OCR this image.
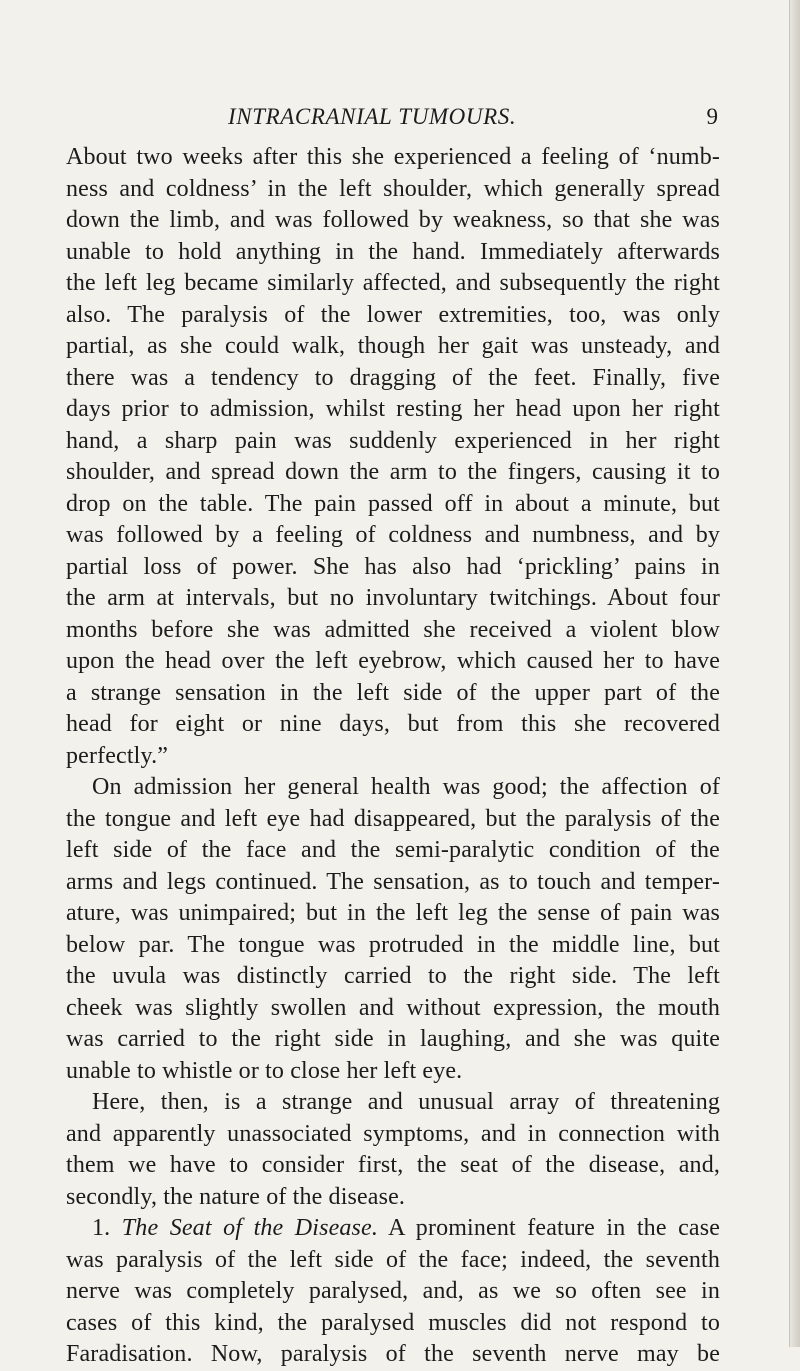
INTRACRANIAL TUMOURS.	9
About two weeks after this she experienced a feeling of ‘numb-
ness and coldness’ in the left shoulder, which generally spread
down the limb, and was followed by weakness, so that she was
unable to hold anything in the hand. Immediately afterwards
the left leg became similarly affected, and subsequently the right
also. The paralysis of the lower extremities, too, was only
partial, as she could walk, though her gait was unsteady, and
there was a tendency to dragging of the feet. Finally, five
days prior to admission, whilst resting her head upon her right
hand, a sharp pain was suddenly experienced in her right
shoulder, and spread down the arm to the fingers, causing it to
drop on the table. The pain passed off in about a minute, but
was followed by a feeling of coldness and numbness, and by
partial loss of power. She has also had ‘prickling’ pains in
the arm at intervals, but no involuntary twitchings. About four
months before she was admitted she received a violent blow
upon the head over the left eyebrow, which caused her to have
a strange sensation in the left side of the upper part of the
head for eight or nine days, but from this she recovered
perfectly.”
On admission her general health was good; the affection of
the tongue and left eye had disappeared, but the paralysis of the
left side of the face and the semi-paralytic condition of the
arms and legs continued. The sensation, as to touch and temper-
ature, was unimpaired; but in the left leg the sense of pain was
below par. The tongue was protruded in the middle line, but
the uvula was distinctly carried to the right side. The left
cheek was slightly swollen and without expression, the mouth
was carried to the right side in laughing, and she was quite
unable to whistle or to close her left eye.
Here, then, is a strange and unusual array of threatening
and apparently unassociated symptoms, and in connection with
them we have to consider first, the seat of the disease, and,
secondly, the nature of the disease.
1. The Seat of the Disease. A prominent feature in the case
was paralysis of the left side of the face; indeed, the seventh
nerve was completely paralysed, and, as we so often see in
cases of this kind, the paralysed muscles did not respond to
Faradisation. Now, paralysis of the seventh nerve may be
